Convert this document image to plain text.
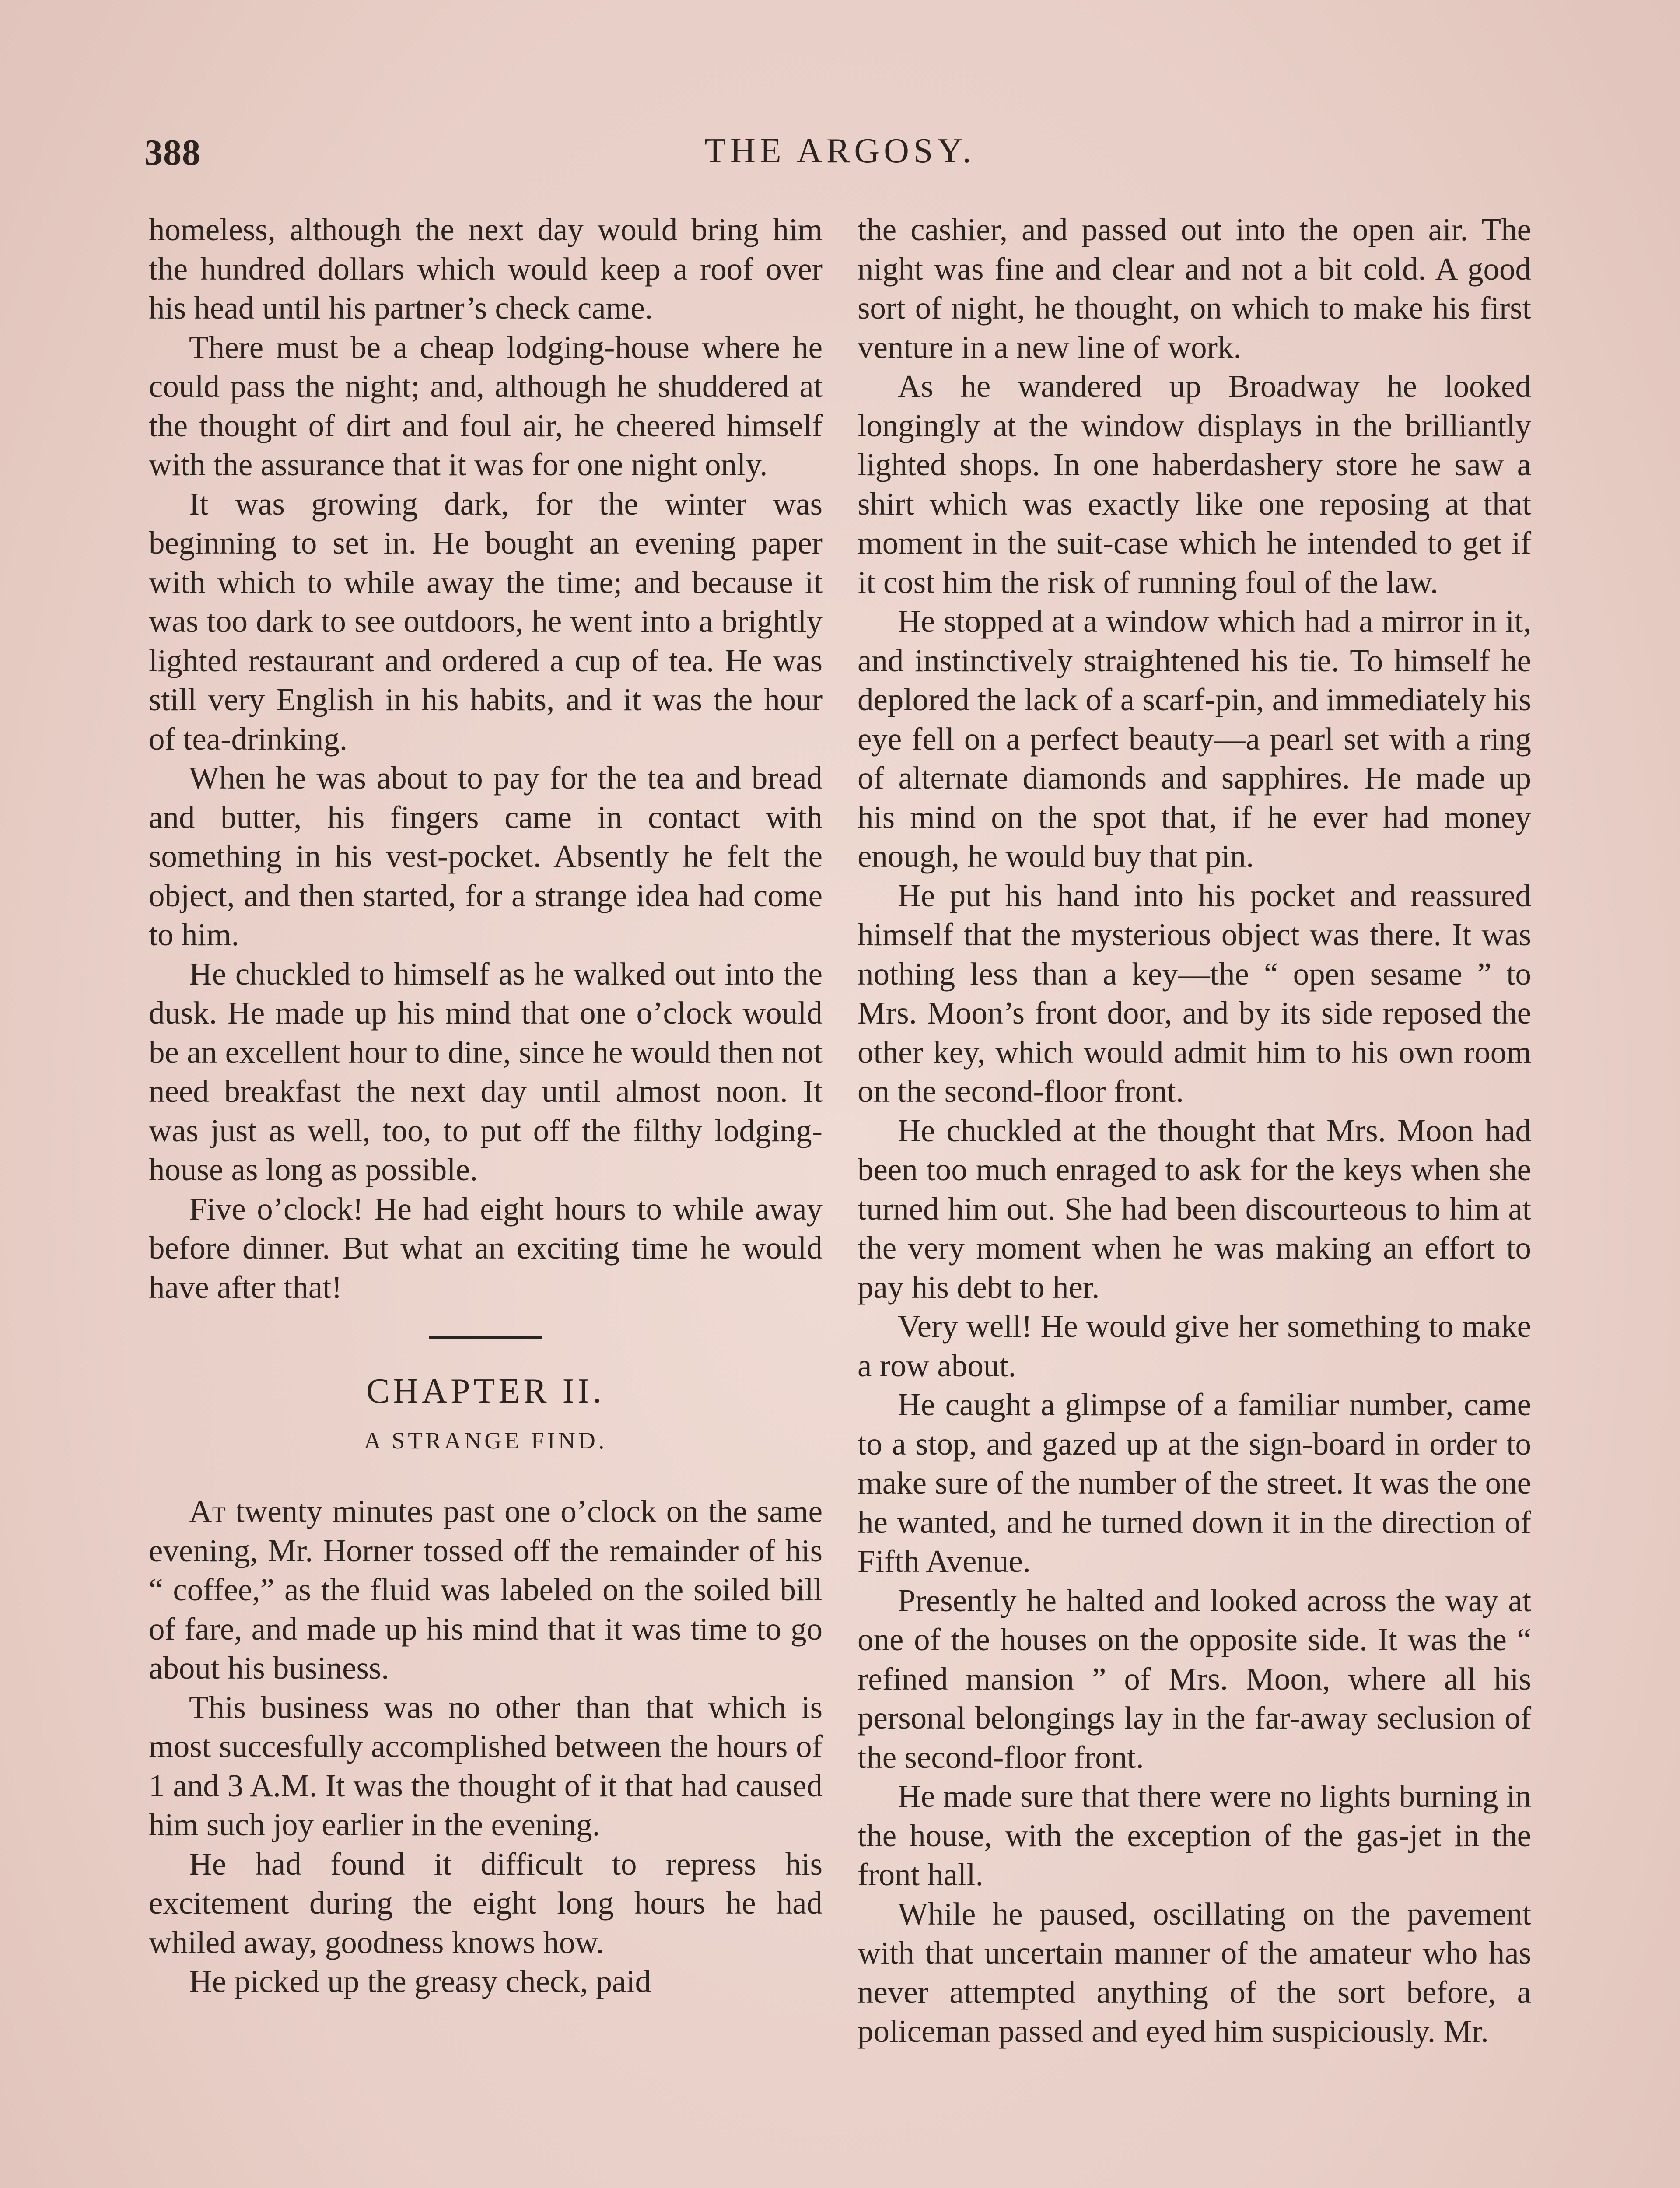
388	THE ARGOSY.

homeless, although the next day would bring him the hundred dollars which would keep a roof over his head until his partner’s check came.

There must be a cheap lodging-house where he could pass the night; and, although he shuddered at the thought of dirt and foul air, he cheered himself with the assurance that it was for one night only.

It was growing dark, for the winter was beginning to set in. He bought an evening paper with which to while away the time; and because it was too dark to see outdoors, he went into a brightly lighted restaurant and ordered a cup of tea. He was still very English in his habits, and it was the hour of tea-drinking.

When he was about to pay for the tea and bread and butter, his fingers came in contact with something in his vest-pocket. Absently he felt the object, and then started, for a strange idea had come to him.

He chuckled to himself as he walked out into the dusk. He made up his mind that one o’clock would be an excellent hour to dine, since he would then not need breakfast the next day until almost noon. It was just as well, too, to put off the filthy lodging-house as long as possible.

Five o’clock! He had eight hours to while away before dinner. But what an exciting time he would have after that!

CHAPTER II.
A STRANGE FIND.

At twenty minutes past one o’clock on the same evening, Mr. Horner tossed off the remainder of his “ coffee,” as the fluid was labeled on the soiled bill of fare, and made up his mind that it was time to go about his business.

This business was no other than that which is most succesfully accomplished between the hours of 1 and 3 A.M. It was the thought of it that had caused him such joy earlier in the evening.

He had found it difficult to repress his excitement during the eight long hours he had whiled away, goodness knows how.

He picked up the greasy check, paid

the cashier, and passed out into the open air. The night was fine and clear and not a bit cold. A good sort of night, he thought, on which to make his first venture in a new line of work.

As he wandered up Broadway he looked longingly at the window displays in the brilliantly lighted shops. In one haberdashery store he saw a shirt which was exactly like one reposing at that moment in the suit-case which he intended to get if it cost him the risk of running foul of the law.

He stopped at a window which had a mirror in it, and instinctively straightened his tie. To himself he deplored the lack of a scarf-pin, and immediately his eye fell on a perfect beauty—a pearl set with a ring of alternate diamonds and sapphires. He made up his mind on the spot that, if he ever had money enough, he would buy that pin.

He put his hand into his pocket and reassured himself that the mysterious object was there. It was nothing less than a key—the “ open sesame ” to Mrs. Moon’s front door, and by its side reposed the other key, which would admit him to his own room on the second-floor front.

He chuckled at the thought that Mrs. Moon had been too much enraged to ask for the keys when she turned him out. She had been discourteous to him at the very moment when he was making an effort to pay his debt to her.

Very well! He would give her something to make a row about.

He caught a glimpse of a familiar number, came to a stop, and gazed up at the sign-board in order to make sure of the number of the street. It was the one he wanted, and he turned down it in the direction of Fifth Avenue.

Presently he halted and looked across the way at one of the houses on the opposite side. It was the “ refined mansion ” of Mrs. Moon, where all his personal belongings lay in the far-away seclusion of the second-floor front.

He made sure that there were no lights burning in the house, with the exception of the gas-jet in the front hall.

While he paused, oscillating on the pavement with that uncertain manner of the amateur who has never attempted anything of the sort before, a policeman passed and eyed him suspiciously. Mr.
